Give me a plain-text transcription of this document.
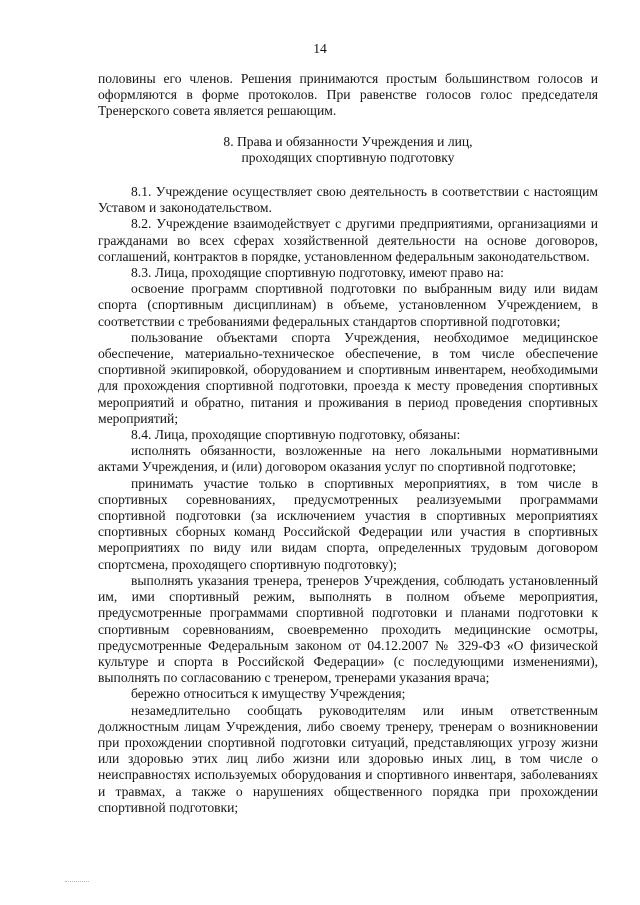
14

половины его членов. Решения принимаются простым большинством голосов и оформляются в форме протоколов. При равенстве голосов голос председателя Тренерского совета является решающим.

8. Права и обязанности Учреждения и лиц,
проходящих спортивную подготовку

8.1. Учреждение осуществляет свою деятельность в соответствии с настоящим Уставом и законодательством.

8.2. Учреждение взаимодействует с другими предприятиями, организациями и гражданами во всех сферах хозяйственной деятельности на основе договоров, соглашений, контрактов в порядке, установленном федеральным законодательством.

8.3. Лица, проходящие спортивную подготовку, имеют право на:

освоение программ спортивной подготовки по выбранным виду или видам спорта (спортивным дисциплинам) в объеме, установленном Учреждением, в соответствии с требованиями федеральных стандартов спортивной подготовки;

пользование объектами спорта Учреждения, необходимое медицинское обеспечение, материально-техническое обеспечение, в том числе обеспечение спортивной экипировкой, оборудованием и спортивным инвентарем, необходимыми для прохождения спортивной подготовки, проезда к месту проведения спортивных мероприятий и обратно, питания и проживания в период проведения спортивных мероприятий;

8.4. Лица, проходящие спортивную подготовку, обязаны:

исполнять обязанности, возложенные на него локальными нормативными актами Учреждения, и (или) договором оказания услуг по спортивной подготовке;

принимать участие только в спортивных мероприятиях, в том числе в спортивных соревнованиях, предусмотренных реализуемыми программами спортивной подготовки (за исключением участия в спортивных мероприятиях спортивных сборных команд Российской Федерации или участия в спортивных мероприятиях по виду или видам спорта, определенных трудовым договором спортсмена, проходящего спортивную подготовку);

выполнять указания тренера, тренеров Учреждения, соблюдать установленный им, ими спортивный режим, выполнять в полном объеме мероприятия, предусмотренные программами спортивной подготовки и планами подготовки к спортивным соревнованиям, своевременно проходить медицинские осмотры, предусмотренные Федеральным законом от 04.12.2007 № 329-ФЗ «О физической культуре и спорта в Российской Федерации» (с последующими изменениями), выполнять по согласованию с тренером, тренерами указания врача;

бережно относиться к имуществу Учреждения;

незамедлительно сообщать руководителям или иным ответственным должностным лицам Учреждения, либо своему тренеру, тренерам о возникновении при прохождении спортивной подготовки ситуаций, представляющих угрозу жизни или здоровью этих лиц либо жизни или здоровью иных лиц, в том числе о неисправностях используемых оборудования и спортивного инвентаря, заболеваниях и травмах, а также о нарушениях общественного порядка при прохождении спортивной подготовки;
